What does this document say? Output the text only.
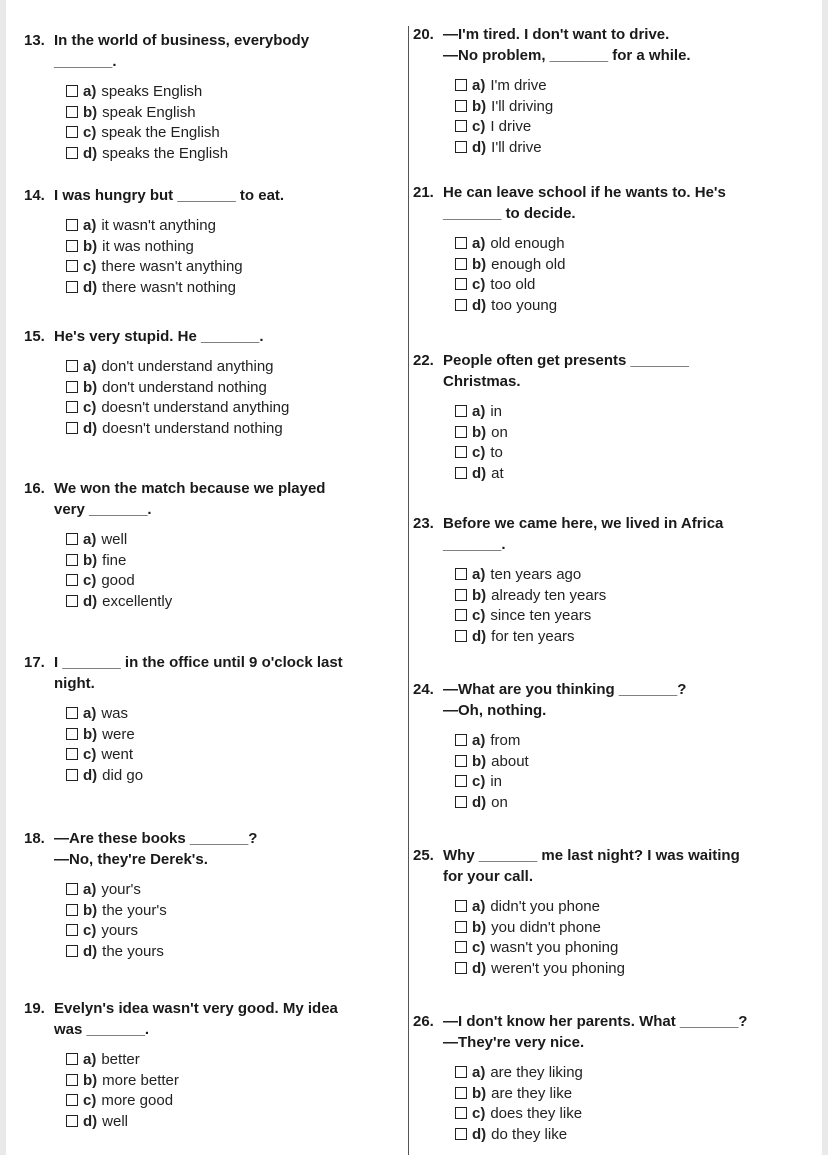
13. In the world of business, everybody
_______.
a) speaks English
b) speak English
c) speak the English
d) speaks the English
14. I was hungry but _______ to eat.
a) it wasn't anything
b) it was nothing
c) there wasn't anything
d) there wasn't nothing
15. He's very stupid. He _______.
a) don't understand anything
b) don't understand nothing
c) doesn't understand anything
d) doesn't understand nothing
16. We won the match because we played
very _______.
a) well
b) fine
c) good
d) excellently
17. I _______ in the office until 9 o'clock last
night.
a) was
b) were
c) went
d) did go
18. —Are these books _______?
—No, they're Derek's.
a) your's
b) the your's
c) yours
d) the yours
19. Evelyn's idea wasn't very good. My idea
was _______.
a) better
b) more better
c) more good
d) well
20. —I'm tired. I don't want to drive.
—No problem, _______ for a while.
a) I'm drive
b) I'll driving
c) I drive
d) I'll drive
21. He can leave school if he wants to. He's
_______ to decide.
a) old enough
b) enough old
c) too old
d) too young
22. People often get presents _______
Christmas.
a) in
b) on
c) to
d) at
23. Before we came here, we lived in Africa
_______.
a) ten years ago
b) already ten years
c) since ten years
d) for ten years
24. —What are you thinking _______?
—Oh, nothing.
a) from
b) about
c) in
d) on
25. Why _______ me last night? I was waiting
for your call.
a) didn't you phone
b) you didn't phone
c) wasn't you phoning
d) weren't you phoning
26. —I don't know her parents. What _______?
—They're very nice.
a) are they liking
b) are they like
c) does they like
d) do they like
